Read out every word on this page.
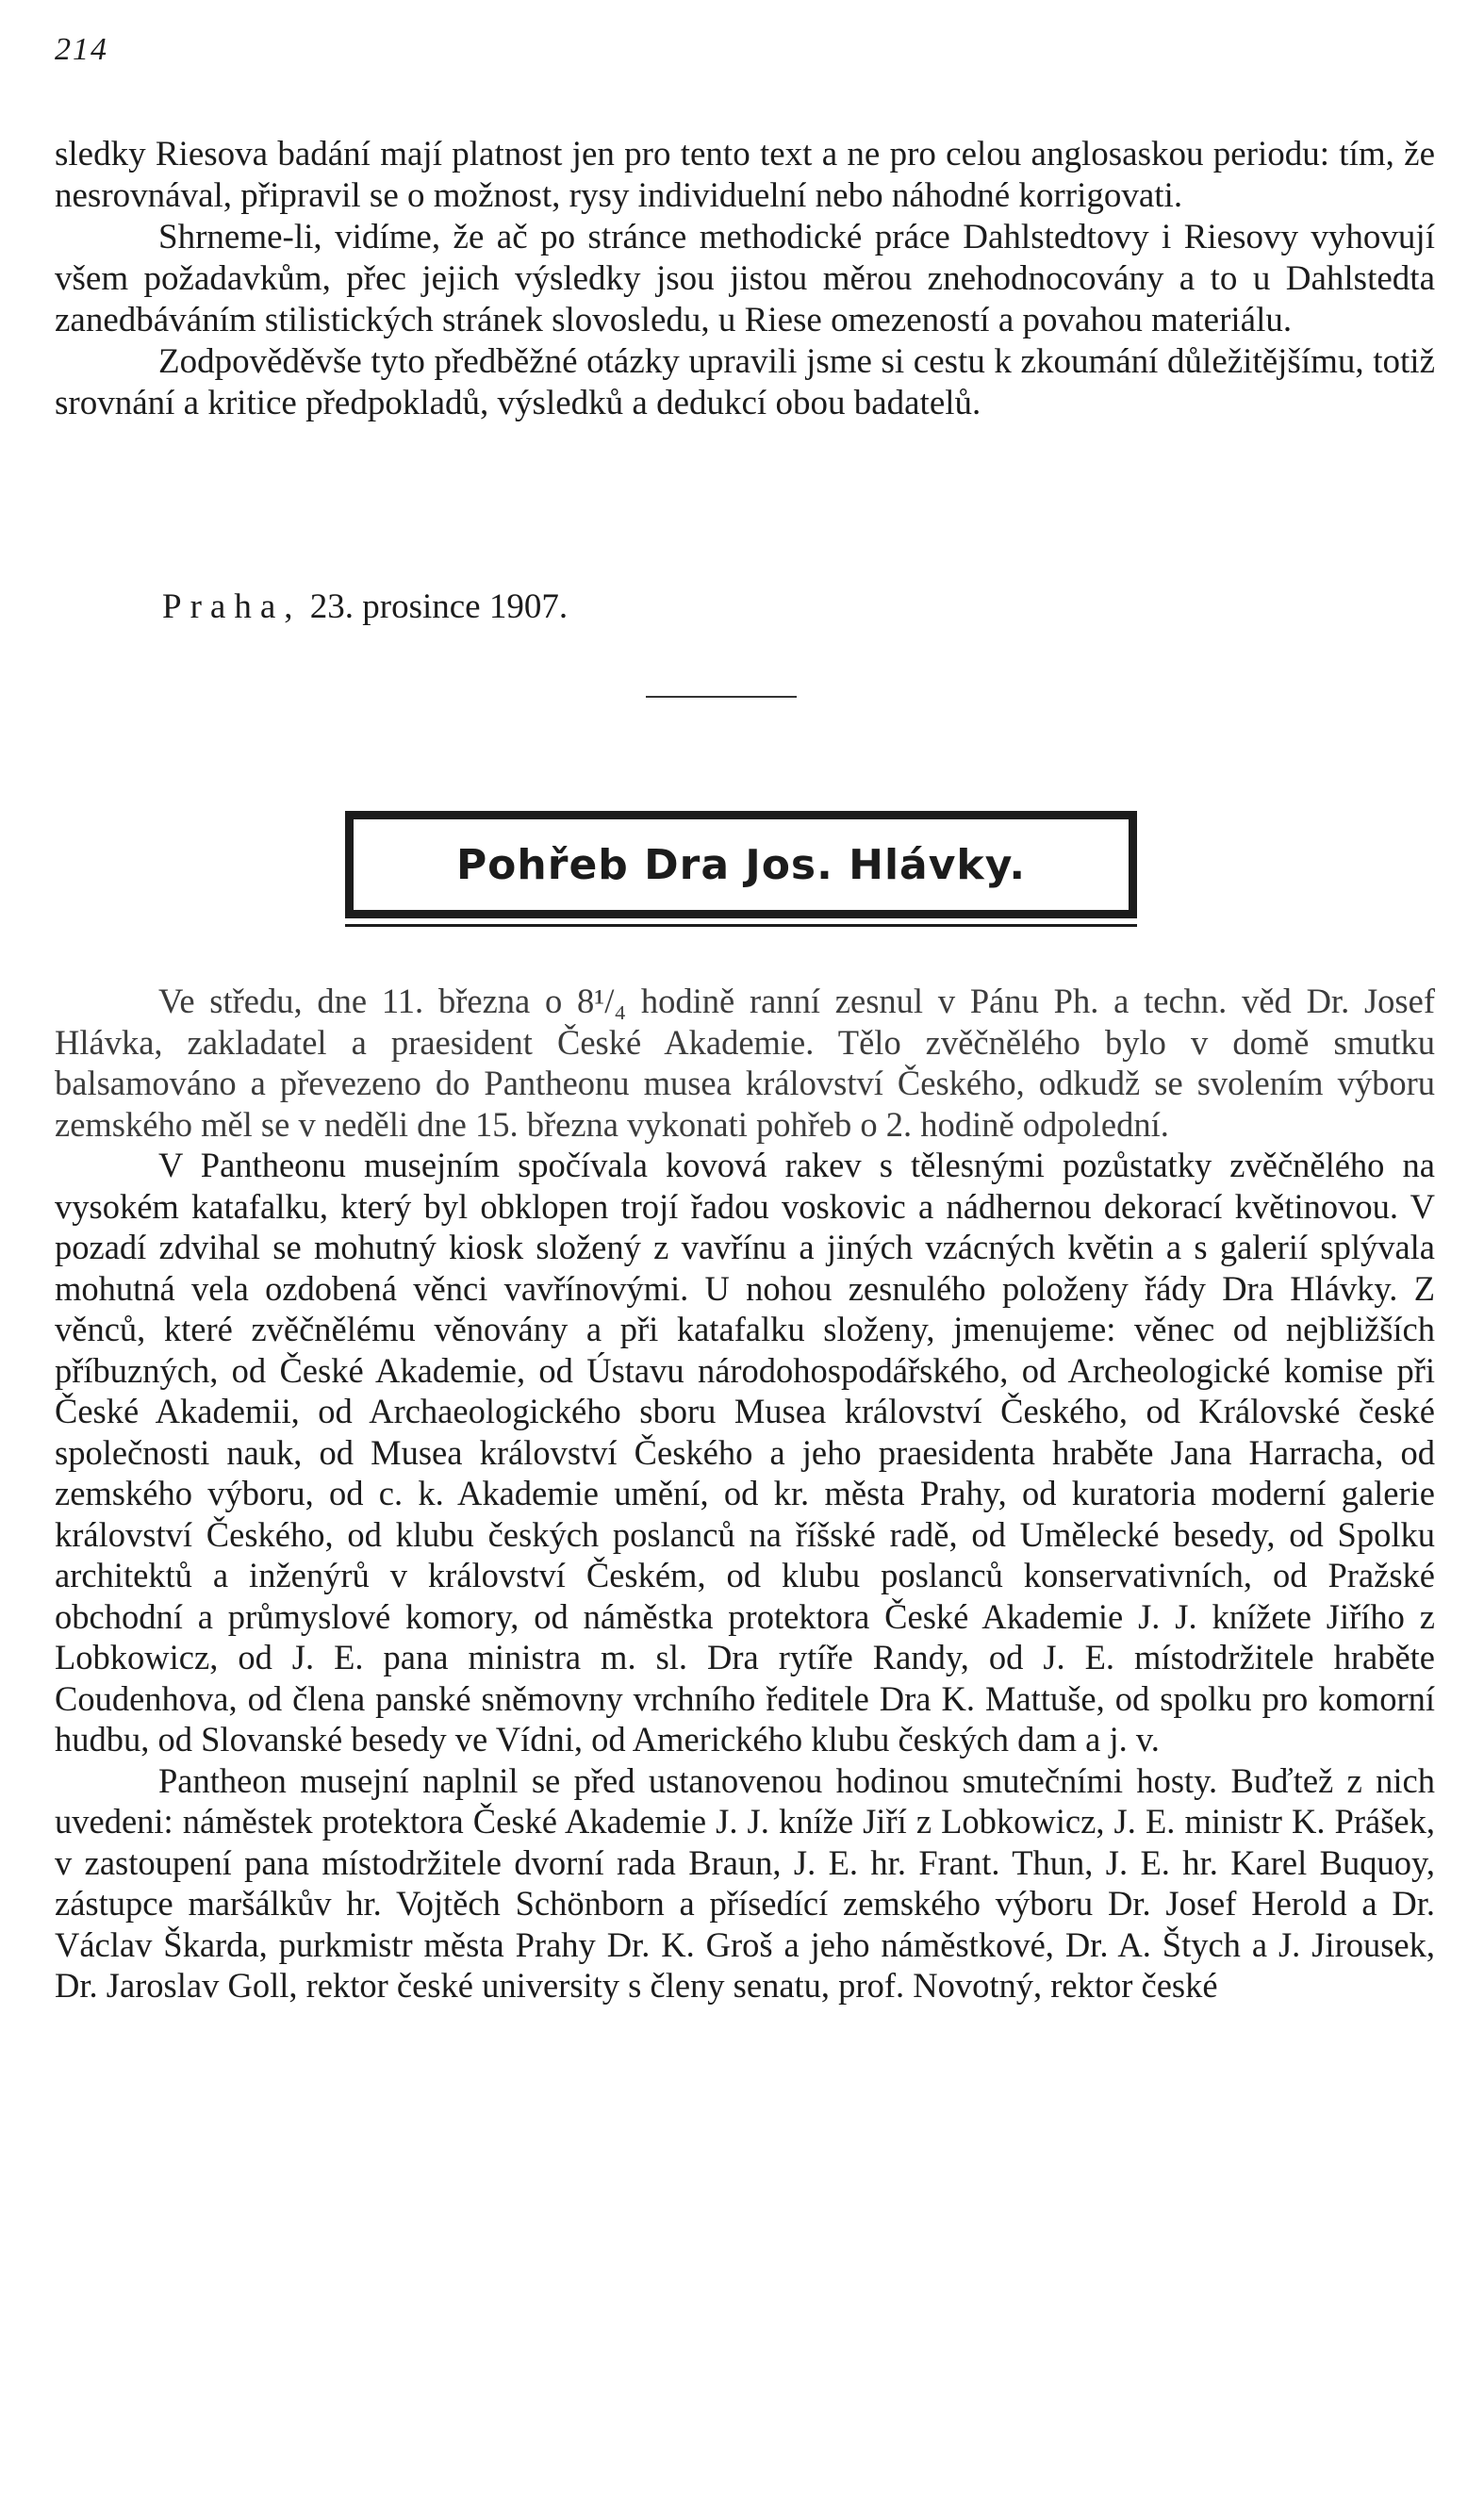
214

sledky Riesova badání mají platnost jen pro tento text a ne pro celou anglosaskou periodu: tím, že nesrovnával, připravil se o možnost, rysy individuelní nebo náhodné korrigovati.

Shrneme-li, vidíme, že ač po stránce methodické práce Dahlstedtovy i Riesovy vyhovují všem požadavkům, přec jejich výsledky jsou jistou měrou znehodnocovány a to u Dahlstedta zanedbáváním stilistických stránek slovosledu, u Riese omezeností a povahou materiálu.

Zodpověděvše tyto předběžné otázky upravili jsme si cestu k zkoumání důležitějšímu, totiž srovnání a kritice předpokladů, výsledků a dedukcí obou badatelů.

Praha, 23. prosince 1907.
Pohřeb Dra Jos. Hlávky.

Ve středu, dne 11. března o 8¹/₄ hodině ranní zesnul v Pánu Ph. a techn. věd Dr. Josef Hlávka, zakladatel a praesident České Akademie. Tělo zvěčnělého bylo v domě smutku balsamováno a převezeno do Pantheonu musea království Českého, odkudž se svolením výboru zemského měl se v neděli dne 15. března vykonati pohřeb o 2. hodině odpolední.

V Pantheonu musejním spočívala kovová rakev s tělesnými pozůstatky zvěčnělého na vysokém katafalku, který byl obklopen trojí řadou voskovic a nádhernou dekorací květinovou. V pozadí zdvihal se mohutný kiosk složený z vavřínu a jiných vzácných květin a s galerií splývala mohutná vela ozdobená věnci vavřínovými. U nohou zesnulého položeny řády Dra Hlávky. Z věnců, které zvěčnělému věnovány a při katafalku složeny, jmenujeme: věnec od nejbližších příbuzných, od České Akademie, od Ústavu národohospodářského, od Archeologické komise při České Akademii, od Archaeologického sboru Musea království Českého, od Královské české společnosti nauk, od Musea království Českého a jeho praesidenta hraběte Jana Harracha, od zemského výboru, od c. k. Akademie umění, od kr. města Prahy, od kuratoria moderní galerie království Českého, od klubu českých poslanců na říšské radě, od Umělecké besedy, od Spolku architektů a inženýrů v království Českém, od klubu poslanců konservativních, od Pražské obchodní a průmyslové komory, od náměstka protektora České Akademie J. J. knížete Jiřího z Lobkowicz, od J. E. pana ministra m. sl. Dra rytíře Randy, od J. E. místodržitele hraběte Coudenhova, od člena panské sněmovny vrchního ředitele Dra K. Mattuše, od spolku pro komorní hudbu, od Slovanské besedy ve Vídni, od Amerického klubu českých dam a j. v.

Pantheon musejní naplnil se před ustanovenou hodinou smutečními hosty. Buďtež z nich uvedeni: náměstek protektora České Akademie J. J. kníže Jiří z Lobkowicz, J. E. ministr K. Prášek, v zastoupení pana místodržitele dvorní rada Braun, J. E. hr. Frant. Thun, J. E. hr. Karel Buquoy, zástupce maršálkův hr. Vojtěch Schönborn a přísedící zemského výboru Dr. Josef Herold a Dr. Václav Škarda, purkmistr města Prahy Dr. K. Groš a jeho náměstkové, Dr. A. Štych a J. Jirousek, Dr. Jaroslav Goll, rektor české university s členy senatu, prof. Novotný, rektor české
